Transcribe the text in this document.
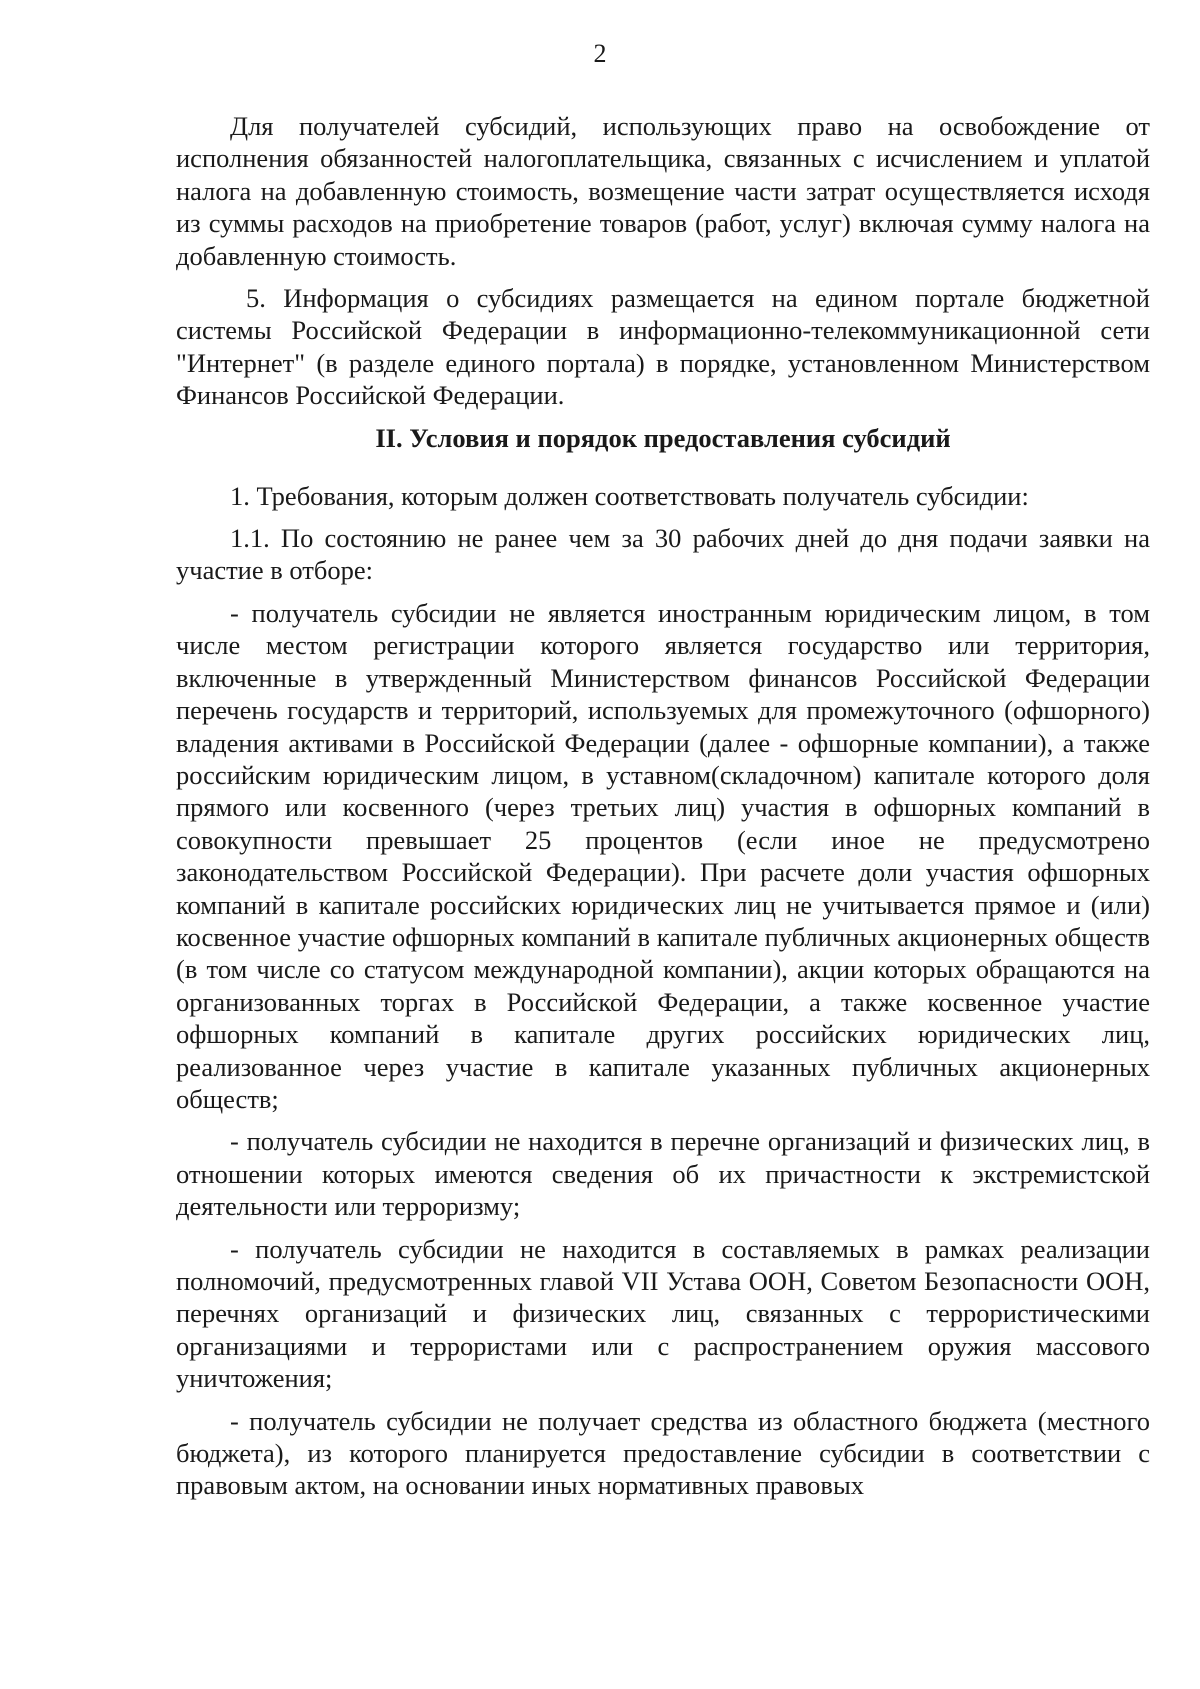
2

Для получателей субсидий, использующих право на освобождение от исполнения обязанностей налогоплательщика, связанных с исчислением и уплатой налога на добавленную стоимость, возмещение части затрат осуществляется исходя из суммы расходов на приобретение товаров (работ, услуг) включая сумму налога на добавленную стоимость.

5. Информация о субсидиях размещается на едином портале бюджетной системы Российской Федерации в информационно-телекоммуникационной сети "Интернет" (в разделе единого портала) в порядке, установленном Министерством Финансов Российской Федерации.

II. Условия и порядок предоставления субсидий

1. Требования, которым должен соответствовать получатель субсидии:

1.1. По состоянию не ранее чем за 30 рабочих дней до дня подачи заявки на участие в отборе:

- получатель субсидии не является иностранным юридическим лицом, в том числе местом регистрации которого является государство или территория, включенные в утвержденный Министерством финансов Российской Федерации перечень государств и территорий, используемых для промежуточного (офшорного) владения активами в Российской Федерации (далее - офшорные компании), а также российским юридическим лицом, в уставном(складочном) капитале которого доля прямого или косвенного (через третьих лиц) участия в офшорных компаний в совокупности превышает 25 процентов (если иное не предусмотрено законодательством Российской Федерации). При расчете доли участия офшорных компаний в капитале российских юридических лиц не учитывается прямое и (или) косвенное участие офшорных компаний в капитале публичных акционерных обществ (в том числе со статусом международной компании), акции которых обращаются на организованных торгах в Российской Федерации, а также косвенное участие офшорных компаний в капитале других российских юридических лиц, реализованное через участие в капитале указанных публичных акционерных обществ;

- получатель субсидии не находится в перечне организаций и физических лиц, в отношении которых имеются сведения об их причастности к экстремистской деятельности или терроризму;

- получатель субсидии не находится в составляемых в рамках реализации полномочий, предусмотренных главой VII Устава ООН, Советом Безопасности ООН, перечнях организаций и физических лиц, связанных с террористическими организациями и террористами или с распространением оружия массового уничтожения;

- получатель субсидии не получает средства из областного бюджета (местного бюджета), из которого планируется предоставление субсидии в соответствии с правовым актом, на основании иных нормативных правовых
